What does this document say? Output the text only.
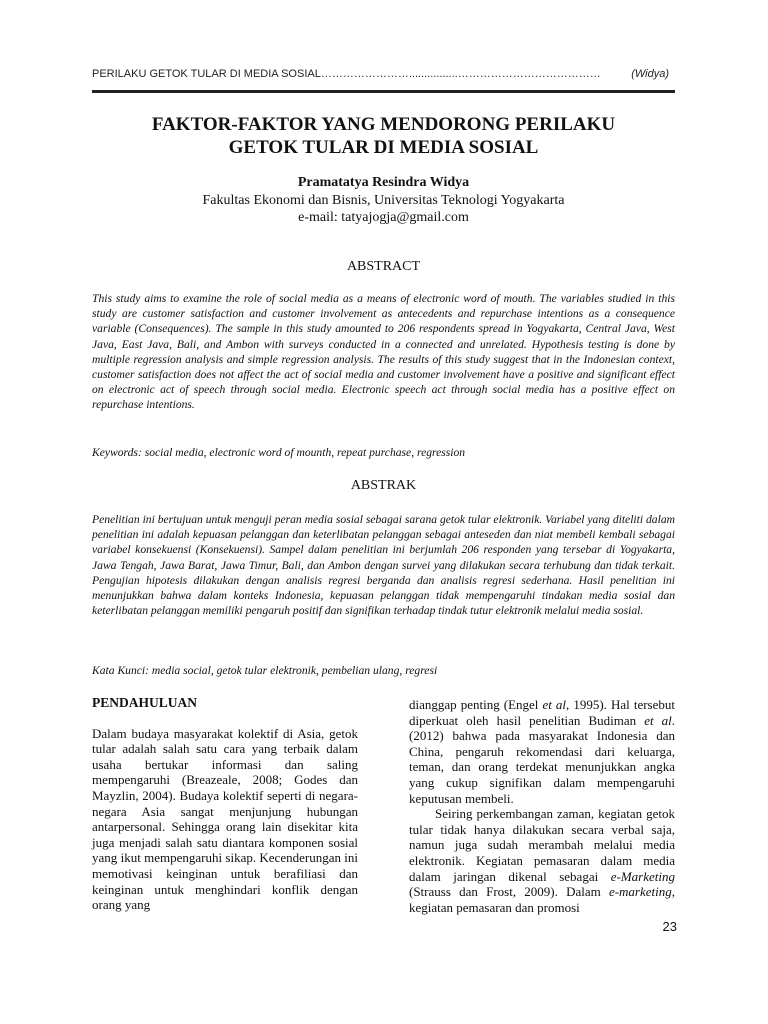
PERILAKU GETOK TULAR DI MEDIA SOSIAL……………………................…………………………………	(Widya)
FAKTOR-FAKTOR YANG MENDORONG PERILAKU
GETOK TULAR DI MEDIA SOSIAL
Pramatatya Resindra Widya
Fakultas Ekonomi dan Bisnis, Universitas Teknologi Yogyakarta
e-mail: tatyajogja@gmail.com
ABSTRACT
This study aims to examine the role of social media as a means of electronic word of mouth. The variables studied in this study are customer satisfaction and customer involvement as antecedents and repurchase intentions as a consequence variable (Consequences). The sample in this study amounted to 206 respondents spread in Yogyakarta, Central Java, West Java, East Java, Bali, and Ambon with surveys conducted in a connected and unrelated. Hypothesis testing is done by multiple regression analysis and simple regression analysis. The results of this study suggest that in the Indonesian context, customer satisfaction does not affect the act of social media and customer involvement have a positive and significant effect on electronic act of speech through social media. Electronic speech act through social media has a positive effect on repurchase intentions.
Keywords: social media, electronic word of mounth, repeat purchase, regression
ABSTRAK
Penelitian ini bertujuan untuk menguji peran media sosial sebagai sarana getok tular elektronik. Variabel yang diteliti dalam penelitian ini adalah kepuasan pelanggan dan keterlibatan pelanggan sebagai anteseden dan niat membeli kembali sebagai variabel konsekuensi (Konsekuensi). Sampel dalam penelitian ini berjumlah 206 responden yang tersebar di Yogyakarta, Jawa Tengah, Jawa Barat, Jawa Timur, Bali, dan Ambon dengan survei yang dilakukan secara terhubung dan tidak terkait. Pengujian hipotesis dilakukan dengan analisis regresi berganda dan analisis regresi sederhana. Hasil penelitian ini menunjukkan bahwa dalam konteks Indonesia, kepuasan pelanggan tidak mempengaruhi tindakan media sosial dan keterlibatan pelanggan memiliki pengaruh positif dan signifikan terhadap tindak tutur elektronik melalui media sosial.
Kata Kunci: media social, getok tular elektronik, pembelian ulang, regresi
PENDAHULUAN

Dalam budaya masyarakat kolektif di Asia, getok tular adalah salah satu cara yang terbaik dalam usaha bertukar informasi dan saling mempengaruhi (Breazeale, 2008; Godes dan Mayzlin, 2004). Budaya kolektif seperti di negara-negara Asia sangat menjunjung hubungan antarpersonal. Sehingga orang lain disekitar kita juga menjadi salah satu diantara komponen sosial yang ikut mempengaruhi sikap. Kecenderungan ini memotivasi keinginan untuk berafiliasi dan keinginan untuk menghindari konflik dengan orang yang

dianggap penting (Engel et al, 1995). Hal tersebut diperkuat oleh hasil penelitian Budiman et al. (2012) bahwa pada masyarakat Indonesia dan China, pengaruh rekomendasi dari keluarga, teman, dan orang terdekat menunjukkan angka yang cukup signifikan dalam mempengaruhi keputusan membeli.

Seiring perkembangan zaman, kegiatan getok tular tidak hanya dilakukan secara verbal saja, namun juga sudah merambah melalui media elektronik. Kegiatan pemasaran dalam media dalam jaringan dikenal sebagai e-Marketing (Strauss dan Frost, 2009). Dalam e-marketing, kegiatan pemasaran dan promosi

23
